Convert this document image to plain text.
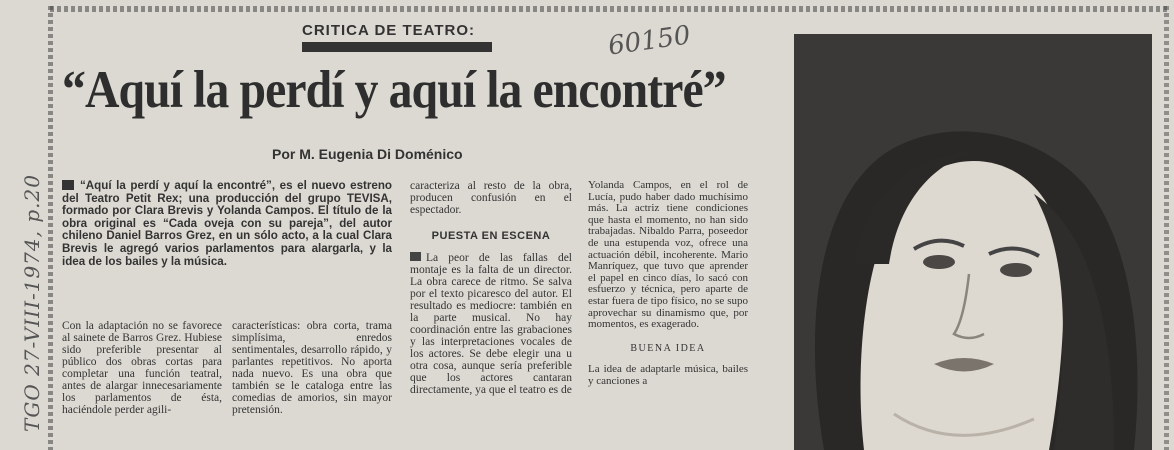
TGO 27-VIII-1974, p.20
60150
CRITICA DE TEATRO:
“Aquí la perdí y aquí la encontré”
Por M. Eugenia Di Doménico
“Aquí la perdí y aquí la encontré”, es el nuevo estreno del Teatro Petit Rex; una producción del grupo TEVISA, formado por Clara Brevis y Yolanda Campos. El título de la obra original es “Cada oveja con su pareja”, del autor chileno Daniel Barros Grez, en un sólo acto, a la cual Clara Brevis le agregó varios parlamentos para alargarla, y la idea de los bailes y la música.
Con la adaptación no se favorece al sainete de Barros Grez. Hubiese sido preferible presentar al público dos obras cortas para completar una función teatral, antes de alargar innecesariamente los parlamentos de ésta, haciéndole perder agili-
características: obra corta, trama simplísima, enredos sentimentales, desarrollo rápido, y parlantes repetitivos. No aporta nada nuevo. Es una obra que también se le cataloga entre las comedias de amorios, sin mayor pretensión.
caracteriza al resto de la obra, producen confusión en el espectador.
PUESTA EN ESCENA
La peor de las fallas del montaje es la falta de un director. La obra carece de ritmo. Se salva por el texto picaresco del autor. El resultado es mediocre: también en la parte musical. No hay coordinación entre las grabaciones y las interpretaciones vocales de los actores. Se debe elegir una u otra cosa, aunque sería preferible que los actores cantaran directamente, ya que el teatro es de
Yolanda Campos, en el rol de Lucía, pudo haber dado muchísimo más. La actriz tiene condiciones que hasta el momento, no han sido trabajadas. Nibaldo Parra, poseedor de una estupenda voz, ofrece una actuación débil, incoherente. Mario Manríquez, que tuvo que aprender el papel en cinco días, lo sacó con esfuerzo y técnica, pero aparte de estar fuera de tipo físico, no se supo aprovechar su dinamismo que, por momentos, es exagerado.
BUENA IDEA
La idea de adaptarle música, bailes y canciones a
